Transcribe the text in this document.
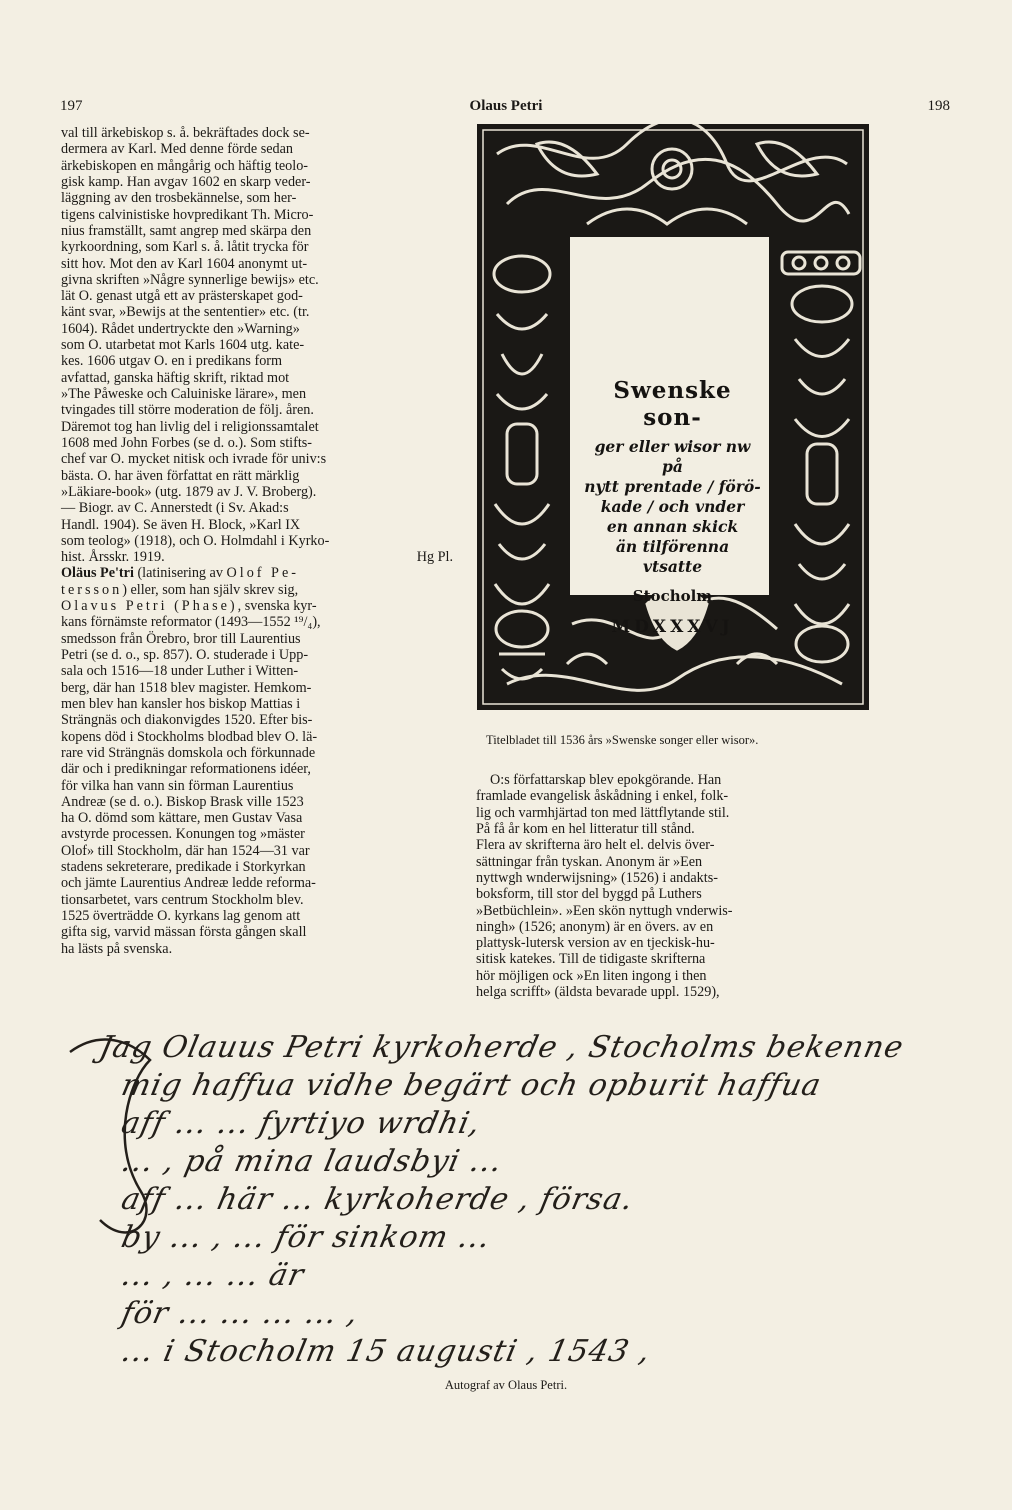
197	Olaus Petri	198

val till ärkebiskop s. å. bekräftades dock se-

dermera av Karl. Med denne förde sedan

ärkebiskopen en mångårig och häftig teolo-

gisk kamp. Han avgav 1602 en skarp veder-

läggning av den trosbekännelse, som her-

tigens calvinistiske hovpredikant Th. Micro-

nius framställt, samt angrep med skärpa den

kyrkoordning, som Karl s. å. låtit trycka för

sitt hov. Mot den av Karl 1604 anonymt ut-

givna skriften »Någre synnerlige bewijs» etc.

lät O. genast utgå ett av prästerskapet god-

känt svar, »Bewijs at the sententier» etc. (tr.

1604). Rådet undertryckte den »Warning»

som O. utarbetat mot Karls 1604 utg. kate-

kes. 1606 utgav O. en i predikans form

avfattad, ganska häftig skrift, riktad mot

»The Påweske och Caluiniske lärare», men

tvingades till större moderation de följ. åren.

Däremot tog han livlig del i religionssamtalet

1608 med John Forbes (se d. o.). Som stifts-

chef var O. mycket nitisk och ivrade för univ:s

bästa. O. har även författat en rätt märklig

»Läkiare-book» (utg. 1879 av J. V. Broberg).

— Biogr. av C. Annerstedt (i Sv. Akad:s

Handl. 1904). Se även H. Block, »Karl IX

som teolog» (1918), och O. Holmdahl i Kyrko-

hist. Årsskr. 1919.	Hg Pl.

Oläus Pe'tri (latinisering av Olof Pe-

tersson) eller, som han själv skrev sig,

Olavus Petri (Phase), svenska kyr-

kans förnämste reformator (1493—1552 ¹⁹/₄),

smedsson från Örebro, bror till Laurentius

Petri (se d. o., sp. 857). O. studerade i Upp-

sala och 1516—18 under Luther i Witten-

berg, där han 1518 blev magister. Hemkom-

men blev han kansler hos biskop Mattias i

Strängnäs och diakonvigdes 1520. Efter bis-

kopens död i Stockholms blodbad blev O. lä-

rare vid Strängnäs domskola och förkunnade

där och i predikningar reformationens idéer,

för vilka han vann sin förman Laurentius

Andreæ (se d. o.). Biskop Brask ville 1523

ha O. dömd som kättare, men Gustav Vasa

avstyrde processen. Konungen tog »mäster

Olof» till Stockholm, där han 1524—31 var

stadens sekreterare, predikade i Storkyrkan

och jämte Laurentius Andreæ ledde reforma-

tionsarbetet, vars centrum Stockholm blev.

1525 överträdde O. kyrkans lag genom att

gifta sig, varvid mässan första gången skall

ha lästs på svenska.

Swenske son-
ger eller wisor nw på
nytt prentade / förö-
kade / och vnder
en annan skick
än tilförenna
vtsatte
Stocholm
MDXXXVJ
Titelbladet till 1536 års »Swenske songer eller wisor».

O:s författarskap blev epokgörande. Han

framlade evangelisk åskådning i enkel, folk-

lig och varmhjärtad ton med lättflytande stil.

På få år kom en hel litteratur till stånd.

Flera av skrifterna äro helt el. delvis över-

sättningar från tyskan. Anonym är »Een

nyttwgh wnderwijsning» (1526) i andakts-

boksform, till stor del byggd på Luthers

»Betbüchlein». »Een skön nyttugh vnderwis-

ningh» (1526; anonym) är en övers. av en

plattysk-lutersk version av en tjeckisk-hu-

sitisk katekes. Till de tidigaste skrifterna

hör möjligen ock »En liten ingong i then

helga scrifft» (äldsta bevarade uppl. 1529),

Jag Olauus Petri kyrkoherde , Stocholms bekenne
mig haffua vidhe begärt och opburit haffua
aff ... ... fyrtiyo wrdhi,
... , på mina laudsbyi ...
aff ... här ... kyrkoherde , försa.
by ... , ... för sinkom ...
... , ... ... är
för ... ... ... ... ,
... i Stocholm 15 augusti , 1543 ,
Autograf av Olaus Petri.
